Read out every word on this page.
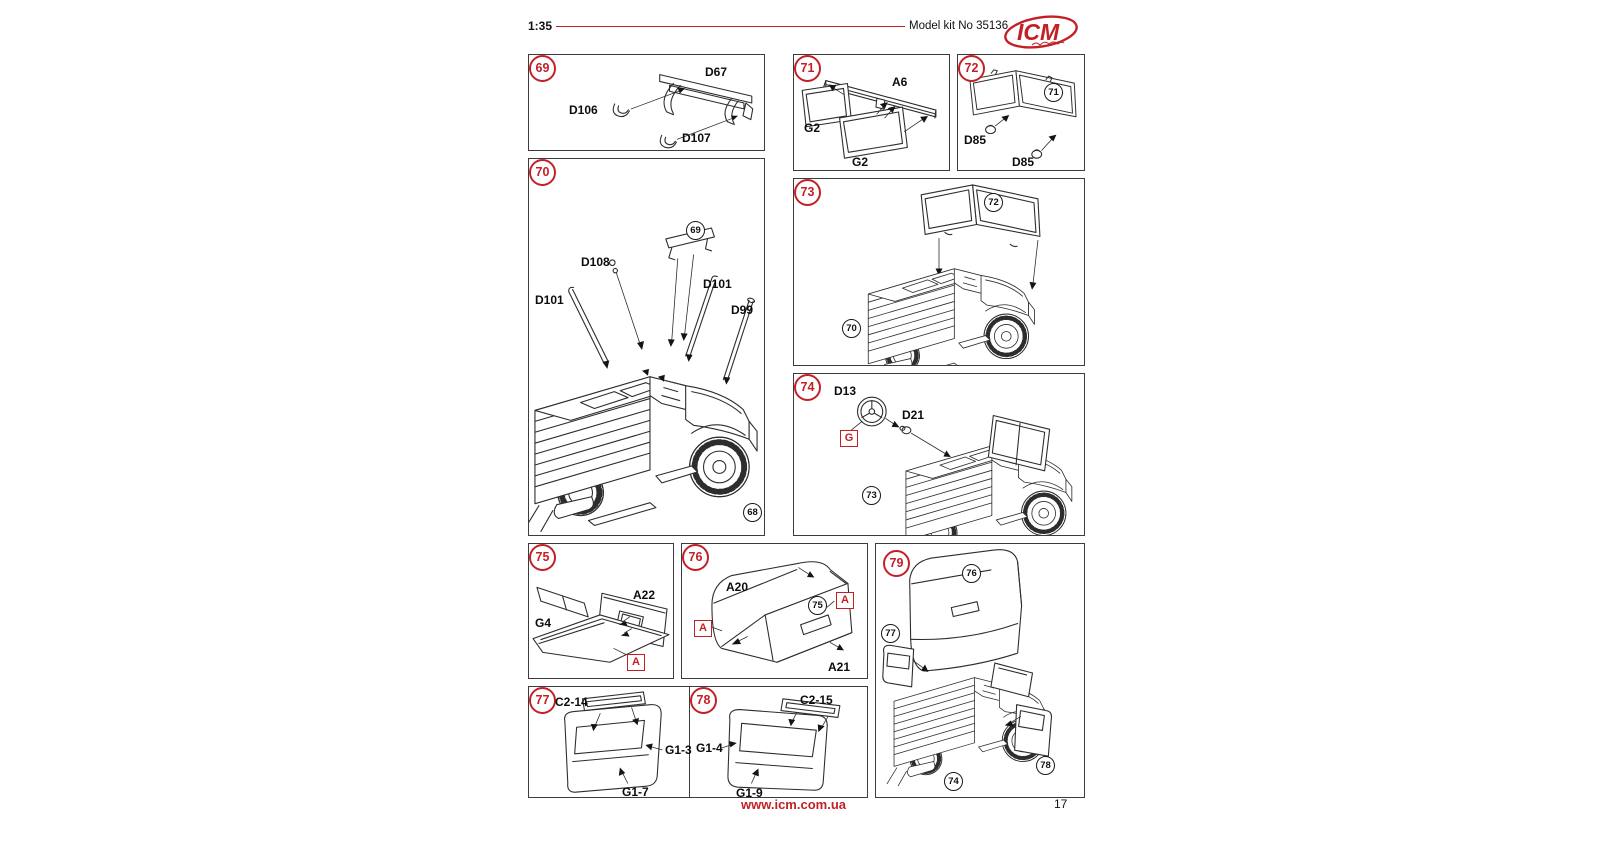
1:35	Model kit No 35136 ICM
69	D67
D106
D107
70
D108
D101
D101
D99
69
68
71
A6
G2
G2
72
D85
D85
71
73
72
70
74 D13
D21
G
73
75
G4
A22
A
76
A20
A21
A
A
75
77 C2-14
G1-3
G1-7
78	C2-15
G1-4
G1-9
79
76
77
78
74
www.icm.com.ua	17
